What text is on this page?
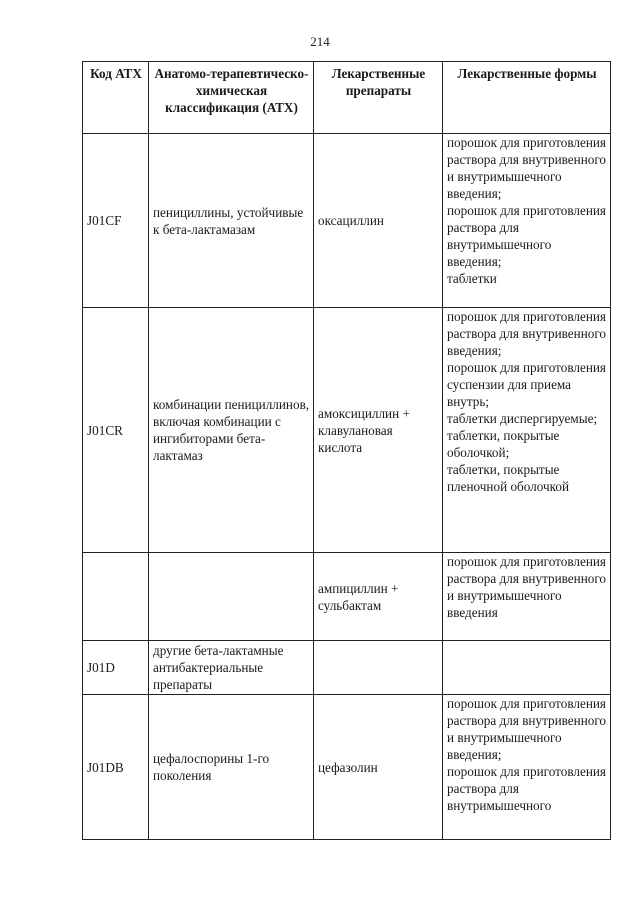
214
Код АТХ	Анатомо-терапевтическо-химическая классификация (АТХ)	Лекарственные препараты	Лекарственные формы
J01CF	пенициллины, устойчивые к бета-лактамазам	оксациллин	порошок для приготовления раствора для внутривенного и внутримышечного введения;
порошок для приготовления раствора для внутримышечного введения;
таблетки
J01CR	комбинации пенициллинов, включая комбинации с ингибиторами бета-лактамаз	амоксициллин + клавулановая кислота	порошок для приготовления раствора для внутривенного введения;
порошок для приготовления суспензии для приема внутрь;
таблетки диспергируемые;
таблетки, покрытые оболочкой;
таблетки, покрытые пленочной оболочкой
		ампициллин + сульбактам	порошок для приготовления раствора для внутривенного и внутримышечного введения
J01D	другие бета-лактамные антибактериальные препараты		
J01DB	цефалоспорины 1-го поколения	цефазолин	порошок для приготовления раствора для внутривенного и внутримышечного введения;
порошок для приготовления раствора для внутримышечного
